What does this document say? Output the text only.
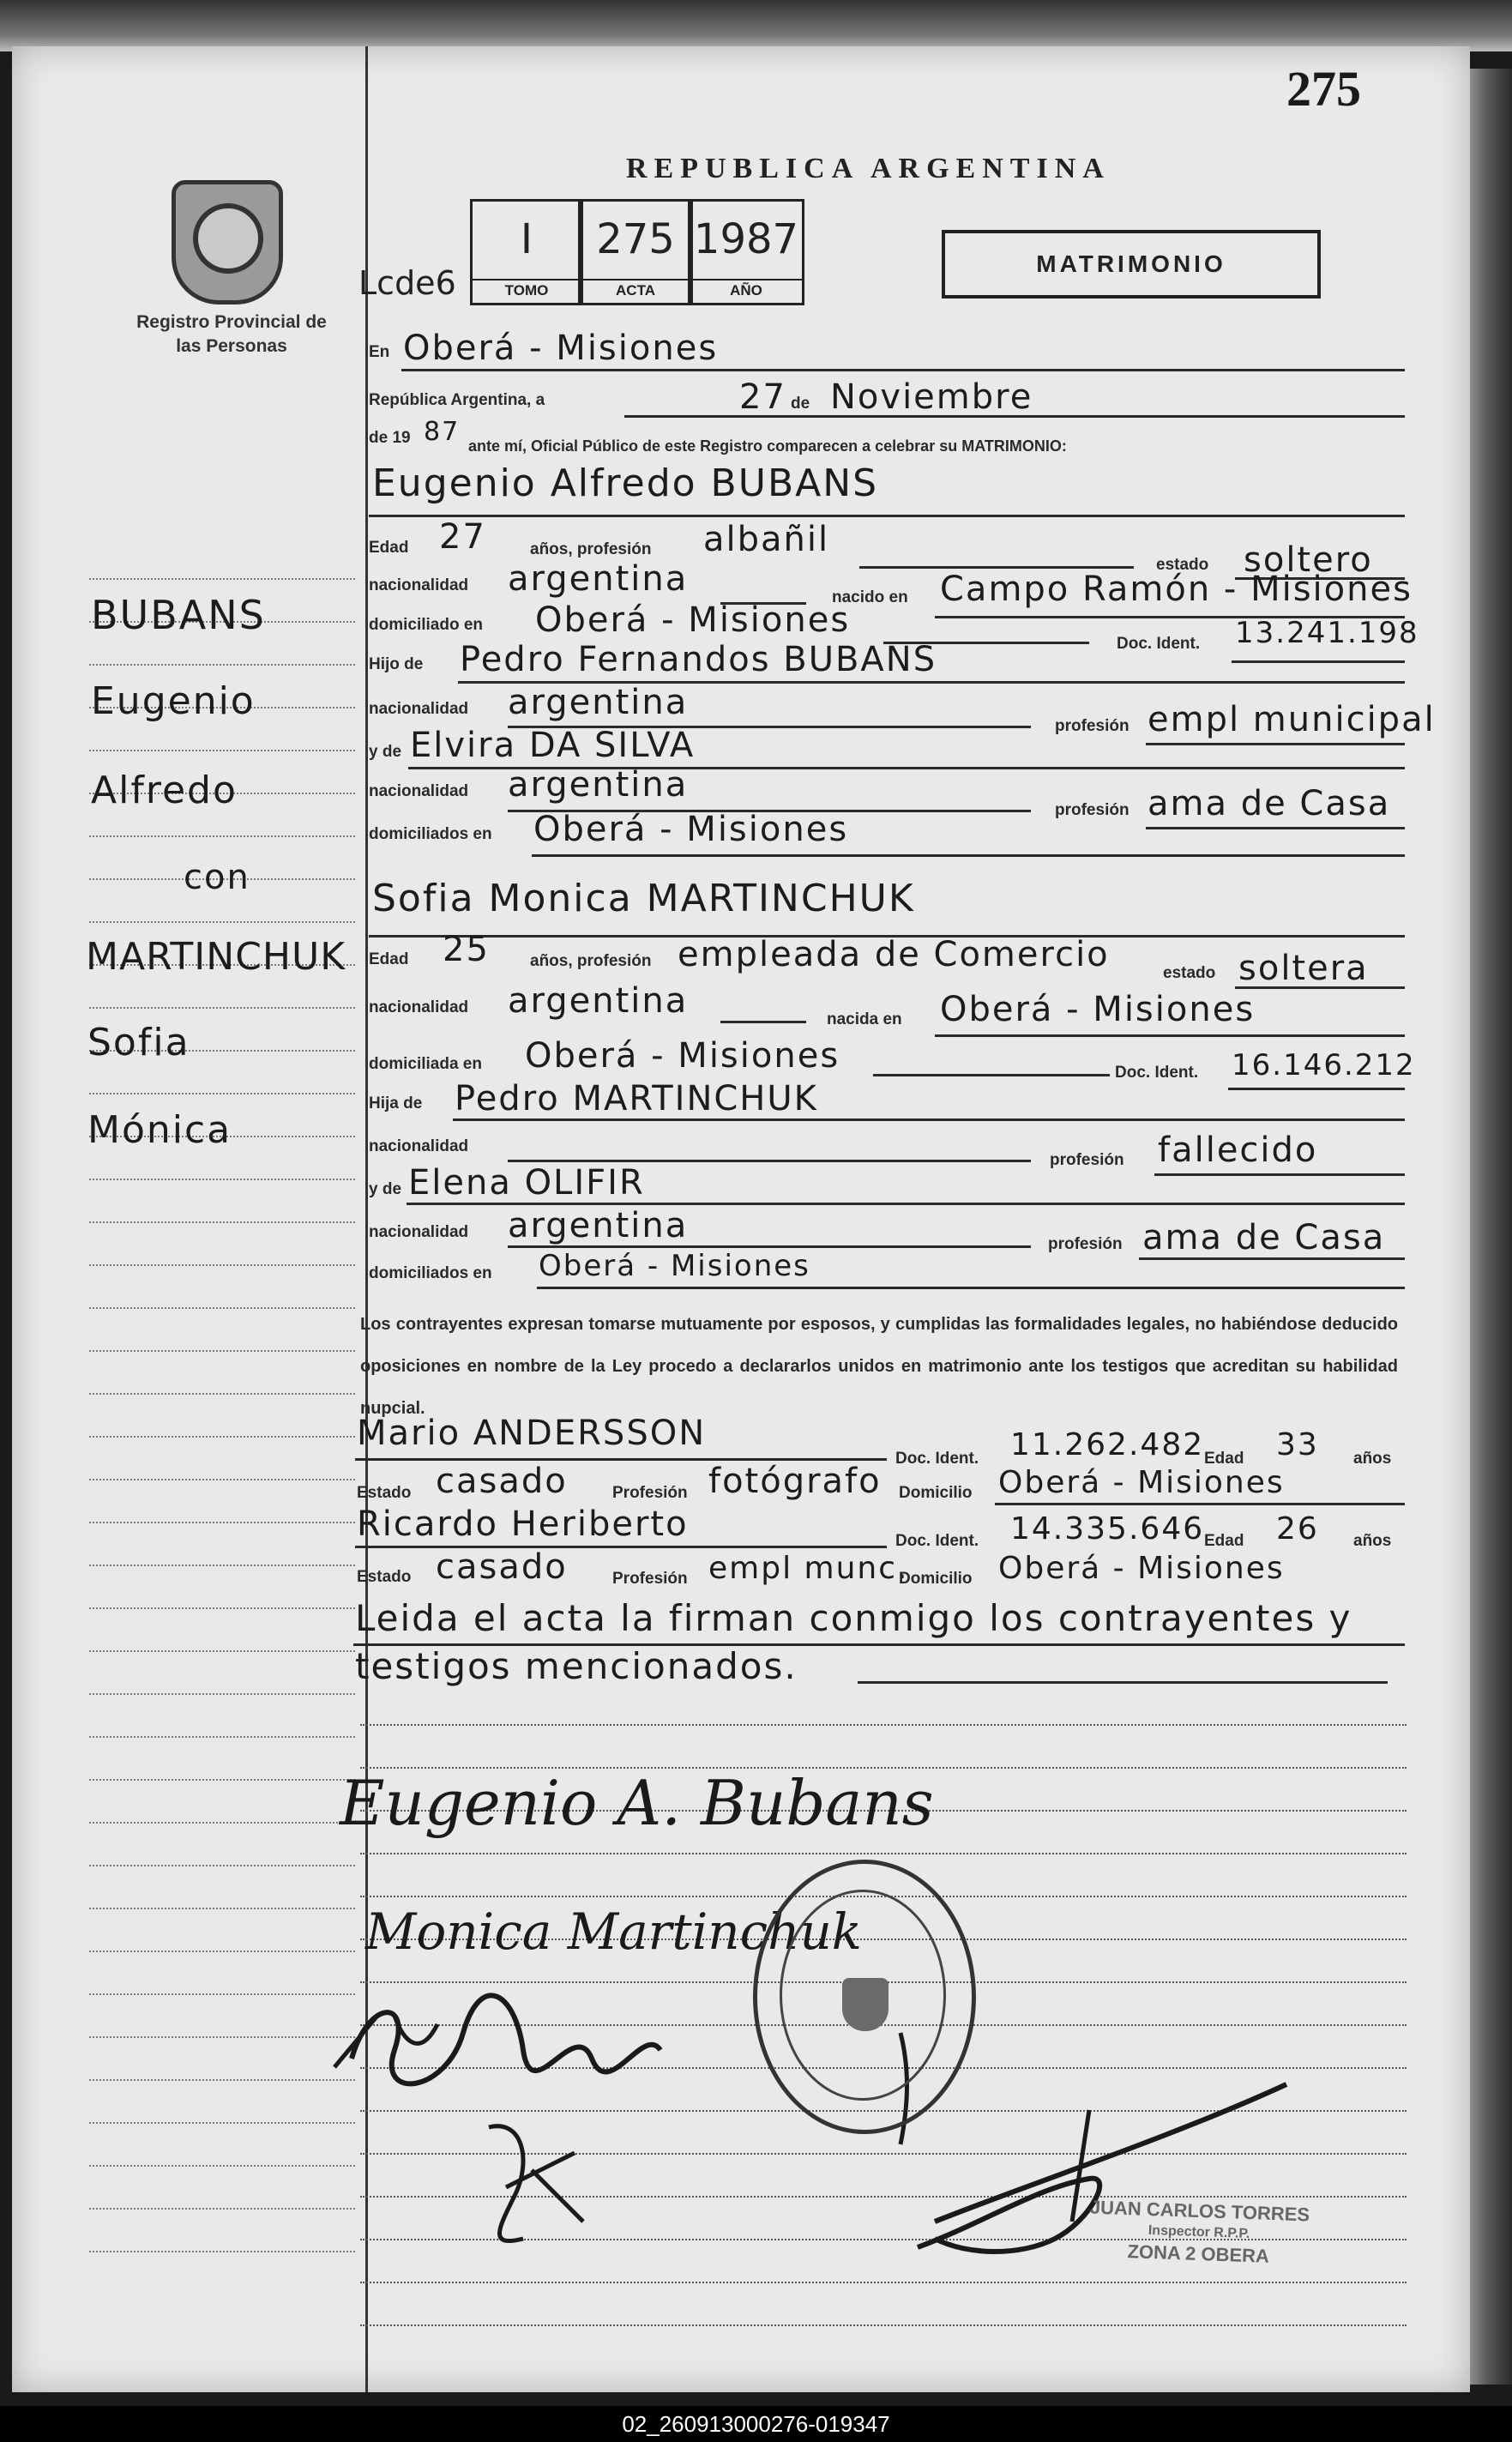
275
REPUBLICA ARGENTINA
Registro Provincial de las Personas
Lcde6
I
TOMO
275
ACTA
1987
AÑO
MATRIMONIO
En Oberá - Misiones
República Argentina, a	27 de Noviembre
de 19 87 ante mí, Oficial Público de este Registro comparecen a celebrar su MATRIMONIO:
Eugenio Alfredo BUBANS
Edad 27	años, profesión albañil
estado soltero
nacionalidad argentina	nacido en Campo Ramón - Misiones
domiciliado en Oberá - Misiones
Doc. Ident. 13.241.198
Hijo de Pedro Fernandos BUBANS
nacionalidad argentina
profesión empl municipal
y de Elvira DA SILVA
nacionalidad argentina
profesión ama de Casa
domiciliados en Oberá - Misiones
Sofia Monica MARTINCHUK
Edad 25 años, profesión empleada de Comercio	estado soltera
nacionalidad argentina	nacida en Oberá - Misiones
domiciliada en Oberá - Misiones	Doc. Ident. 16.146.212
Hija de Pedro MARTINCHUK
nacionalidad
profesión fallecido
y de Elena OLIFIR
nacionalidad argentina	profesión ama de Casa
domiciliados en Oberá - Misiones
BUBANS
Eugenio
Alfredo
con
MARTINCHUK
Sofia
Mónica
Los contrayentes expresan tomarse mutuamente por esposos, y cumplidas las formalidades legales, no habiéndose deducido oposiciones en nombre de la Ley procedo a declararlos unidos en matrimonio ante los testigos que acreditan su habilidad nupcial.
Mario ANDERSSON
Doc. Ident. 11.262.482 Edad 33 años
Estado casado	Profesión fotógrafo Domicilio Oberá - Misiones
Ricardo Heriberto	Doc. Ident. 14.335.646 Edad 26 años
Estado casado	Profesión empl munc.
Domicilio Oberá - Misiones
Leida el acta la firman conmigo los contrayentes y
testigos mencionados.
Eugenio A. Bubans
Monica Martinchuk
JUAN CARLOS TORRES
Inspector R.P.P.
ZONA 2 OBERA
02_260913000276-019347
